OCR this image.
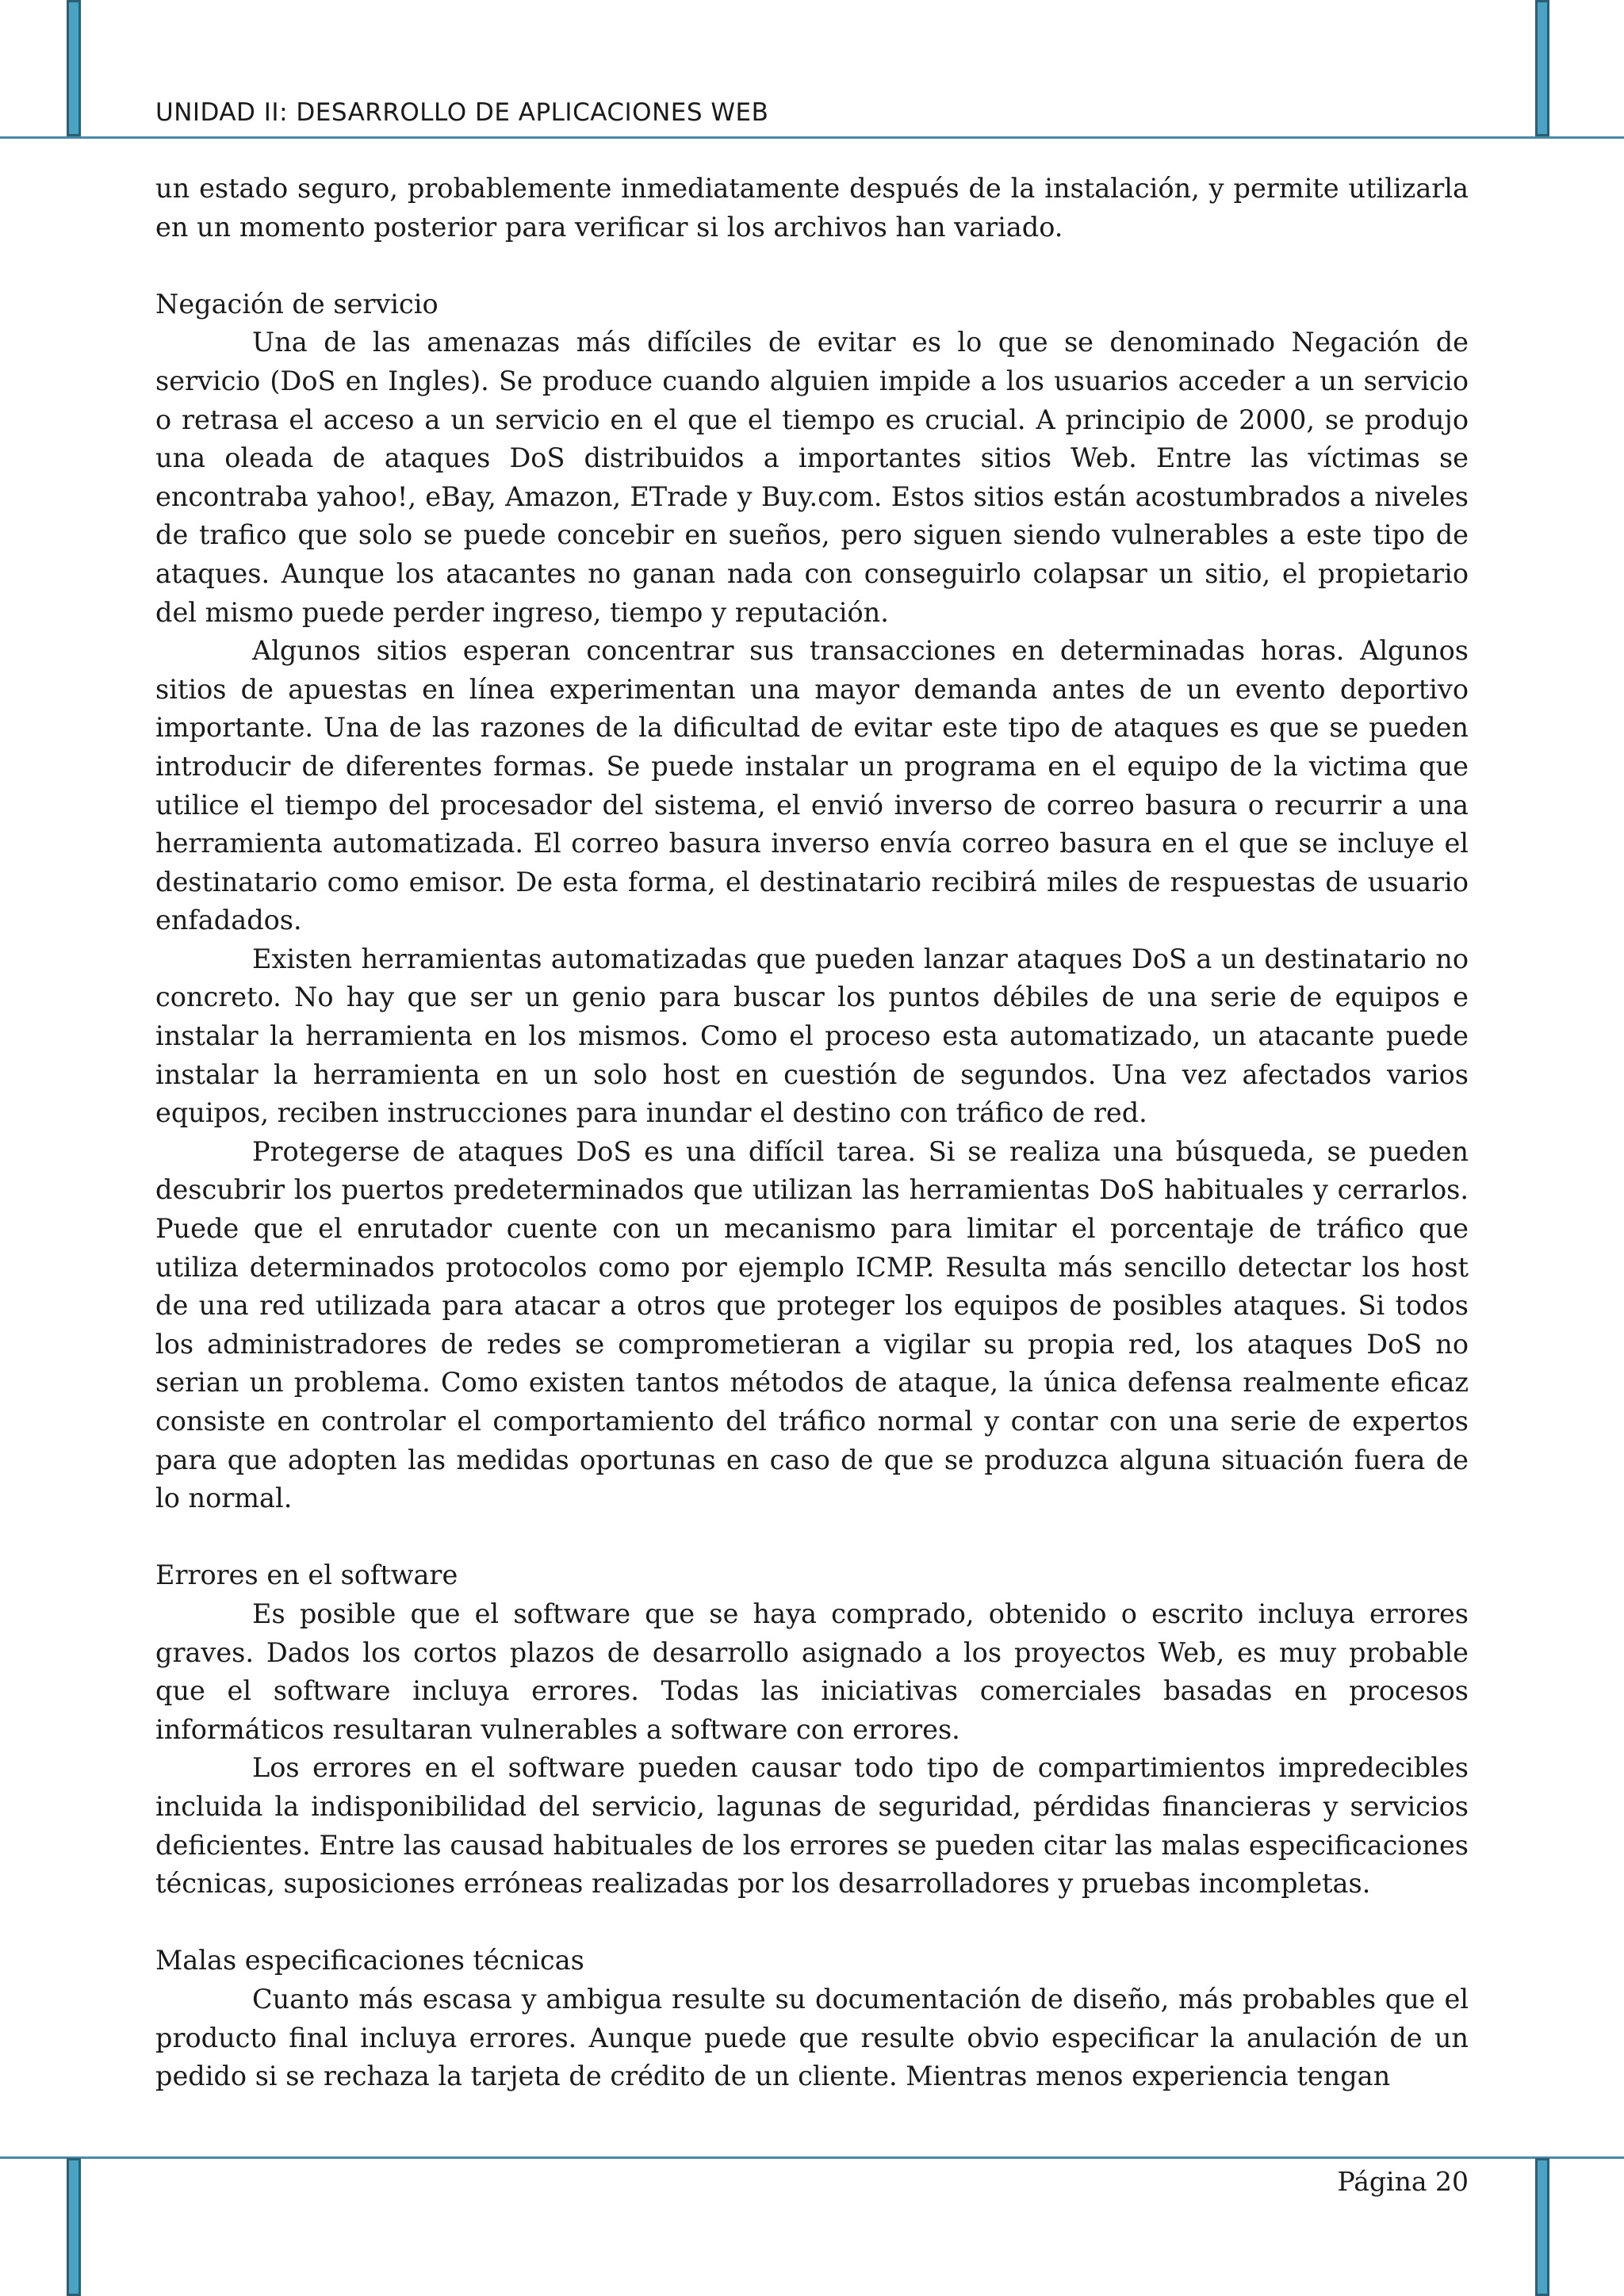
UNIDAD II: DESARROLLO DE APLICACIONES WEB

un estado seguro, probablemente inmediatamente después de la instalación, y permite utilizarla en un momento posterior para verificar si los archivos han variado.

Negación de servicio

Una de las amenazas más difíciles de evitar es lo que se denominado Negación de servicio (DoS en Ingles). Se produce cuando alguien impide a los usuarios acceder a un servicio o retrasa el acceso a un servicio en el que el tiempo es crucial. A principio de 2000, se produjo una oleada de ataques DoS distribuidos a importantes sitios Web. Entre las víctimas se encontraba yahoo!, eBay, Amazon, ETrade y Buy.com. Estos sitios están acostumbrados a niveles de trafico que solo se puede concebir en sueños, pero siguen siendo vulnerables a este tipo de ataques. Aunque los atacantes no ganan nada con conseguirlo colapsar un sitio, el propietario del mismo puede perder ingreso, tiempo y reputación.

Algunos sitios esperan concentrar sus transacciones en determinadas horas. Algunos sitios de apuestas en línea experimentan una mayor demanda antes de un evento deportivo importante. Una de las razones de la dificultad de evitar este tipo de ataques es que se pueden introducir de diferentes formas. Se puede instalar un programa en el equipo de la victima que utilice el tiempo del procesador del sistema, el envió inverso de correo basura o recurrir a una herramienta automatizada. El correo basura inverso envía correo basura en el que se incluye el destinatario como emisor. De esta forma, el destinatario recibirá miles de respuestas de usuario enfadados.

Existen herramientas automatizadas que pueden lanzar ataques DoS a un destinatario no concreto. No hay que ser un genio para buscar los puntos débiles de una serie de equipos e instalar la herramienta en los mismos. Como el proceso esta automatizado, un atacante puede instalar la herramienta en un solo host en cuestión de segundos. Una vez afectados varios equipos, reciben instrucciones para inundar el destino con tráfico de red.

Protegerse de ataques DoS es una difícil tarea. Si se realiza una búsqueda, se pueden descubrir los puertos predeterminados que utilizan las herramientas DoS habituales y cerrarlos. Puede que el enrutador cuente con un mecanismo para limitar el porcentaje de tráfico que utiliza determinados protocolos como por ejemplo ICMP. Resulta más sencillo detectar los host de una red utilizada para atacar a otros que proteger los equipos de posibles ataques. Si todos los administradores de redes se comprometieran a vigilar su propia red, los ataques DoS no serian un problema. Como existen tantos métodos de ataque, la única defensa realmente eficaz consiste en controlar el comportamiento del tráfico normal y contar con una serie de expertos para que adopten las medidas oportunas en caso de que se produzca alguna situación fuera de lo normal.

Errores en el software

Es posible que el software que se haya comprado, obtenido o escrito incluya errores graves. Dados los cortos plazos de desarrollo asignado a los proyectos Web, es muy probable que el software incluya errores. Todas las iniciativas comerciales basadas en procesos informáticos resultaran vulnerables a software con errores.

Los errores en el software pueden causar todo tipo de compartimientos impredecibles incluida la indisponibilidad del servicio, lagunas de seguridad, pérdidas financieras y servicios deficientes. Entre las causad habituales de los errores se pueden citar las malas especificaciones técnicas, suposiciones erróneas realizadas por los desarrolladores y pruebas incompletas.

Malas especificaciones técnicas

Cuanto más escasa y ambigua resulte su documentación de diseño, más probables que el producto final incluya errores. Aunque puede que resulte obvio especificar la anulación de un pedido si se rechaza la tarjeta de crédito de un cliente. Mientras menos experiencia tengan

Página 20
